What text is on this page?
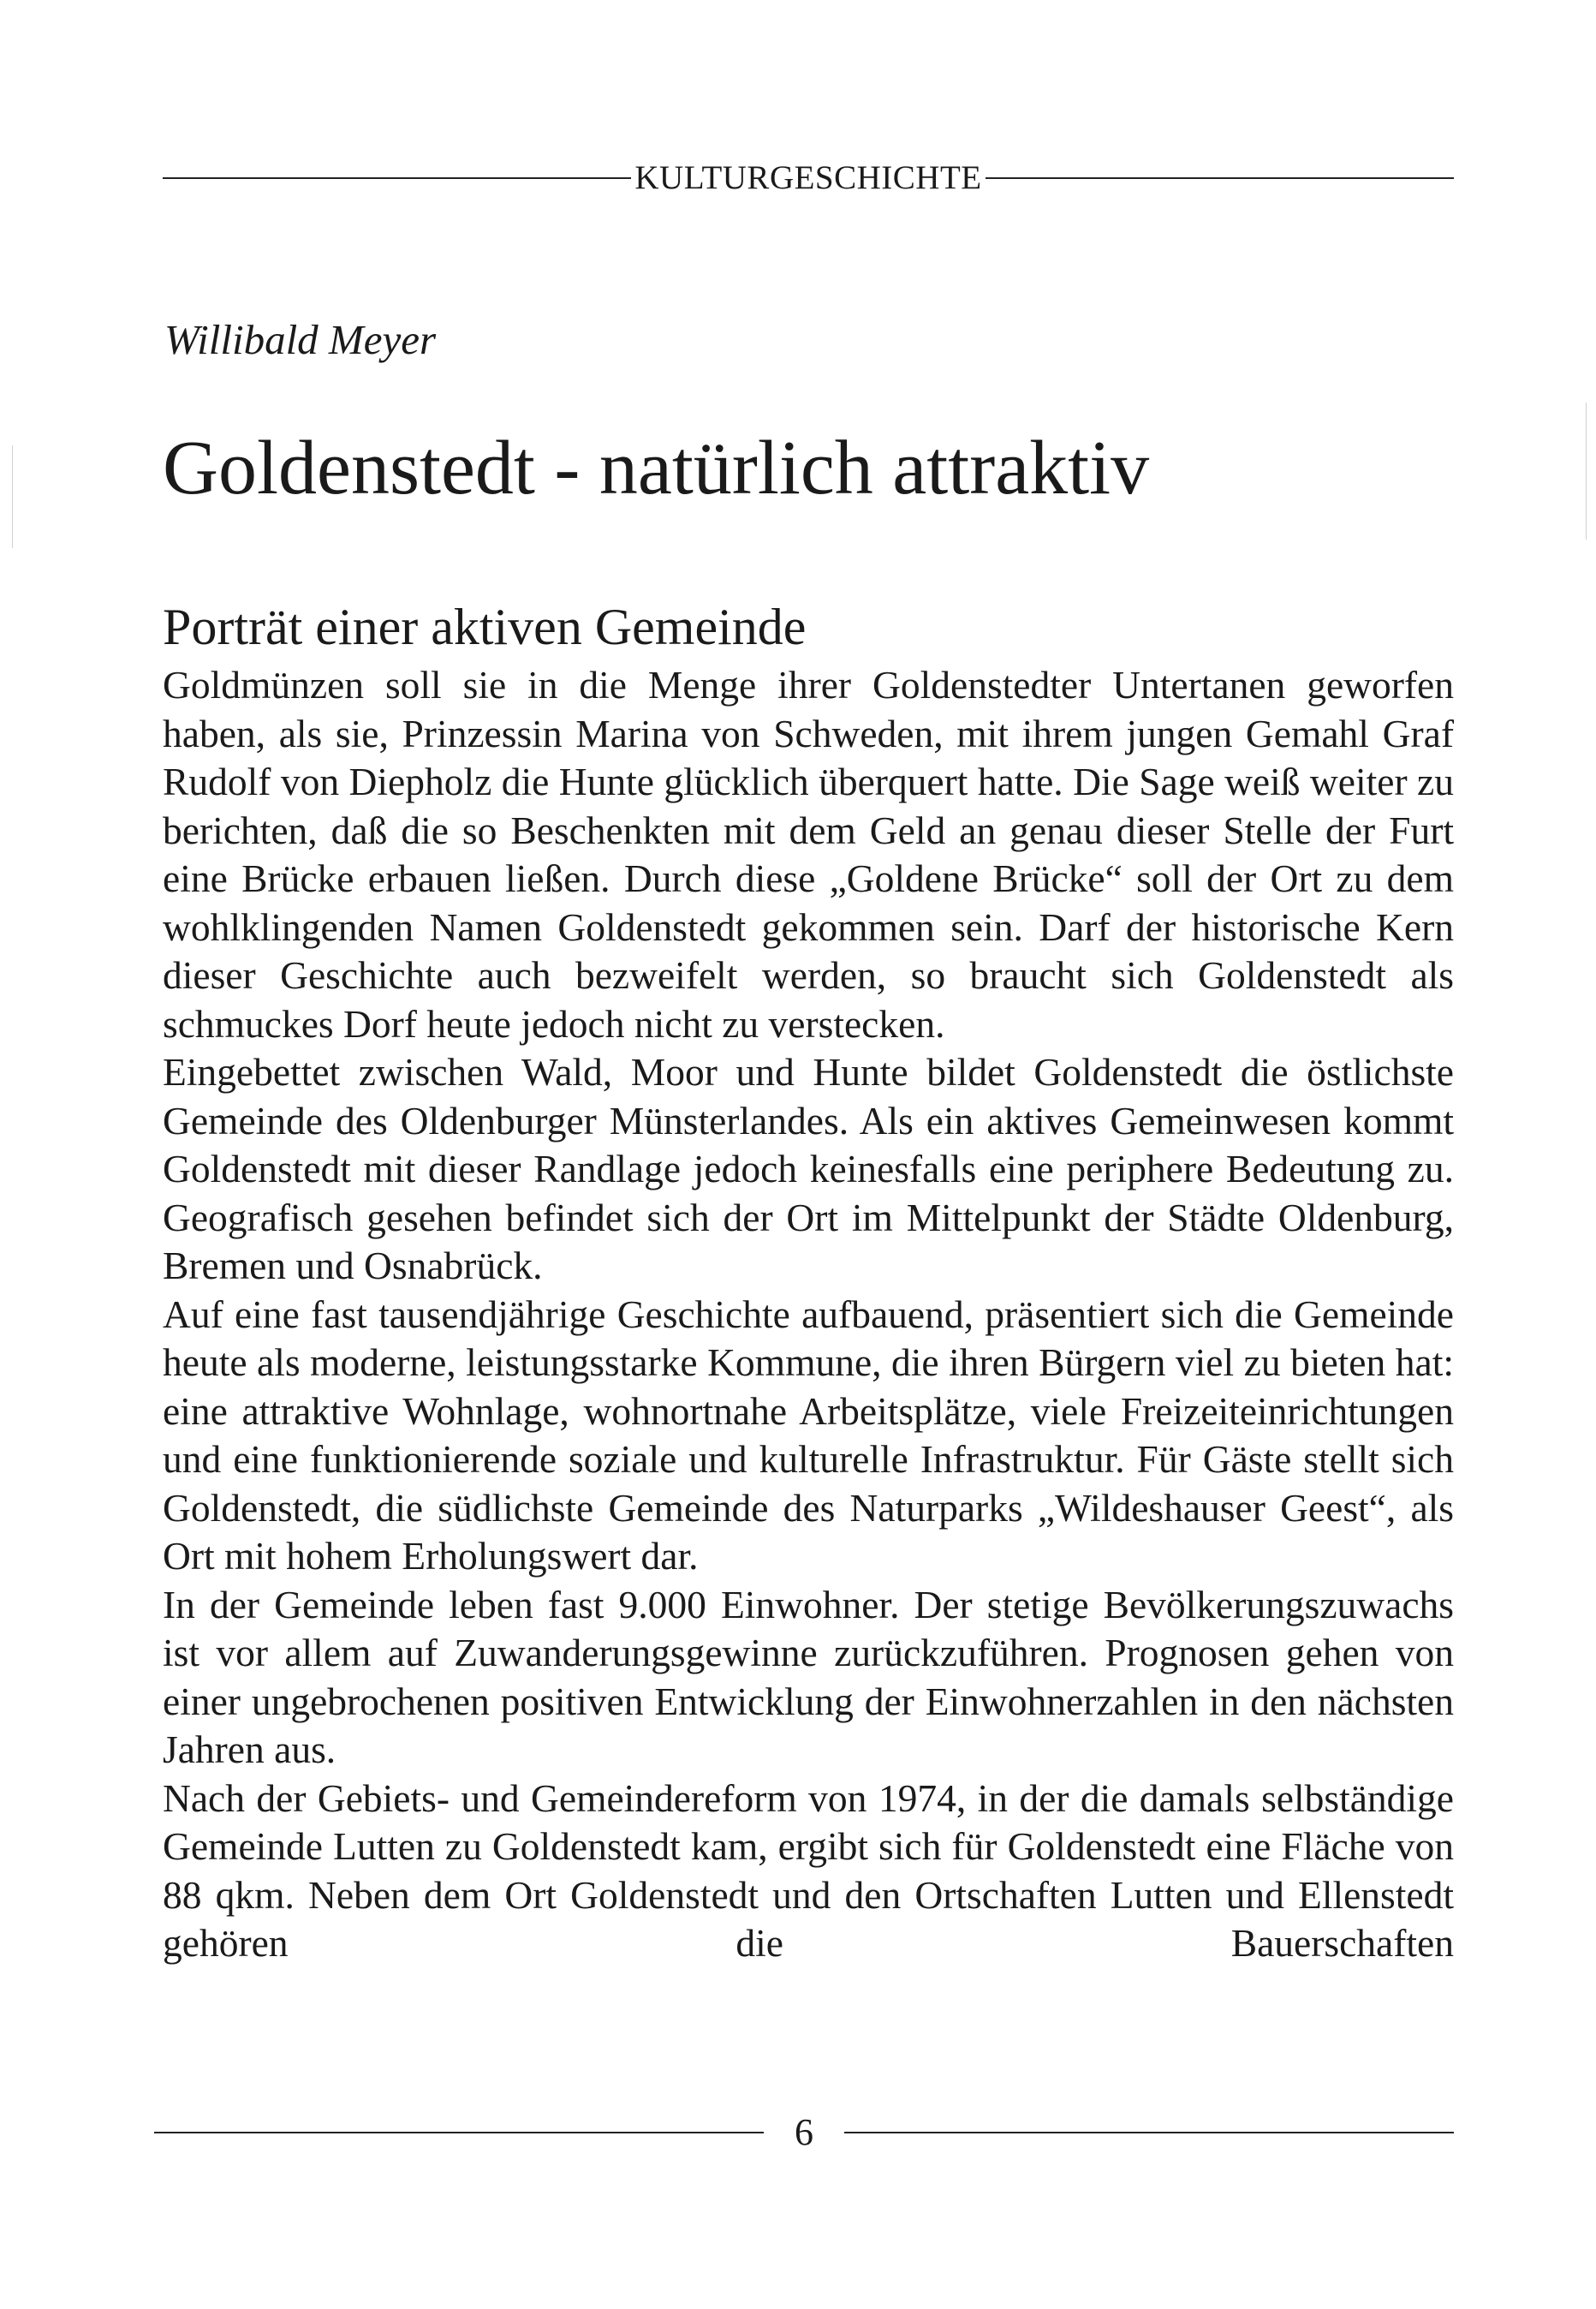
KULTURGESCHICHTE
Willibald Meyer
Goldenstedt - natürlich attraktiv
Porträt einer aktiven Gemeinde

Goldmünzen soll sie in die Menge ihrer Goldenstedter Untertanen geworfen haben, als sie, Prinzessin Marina von Schweden, mit ihrem jungen Gemahl Graf Rudolf von Diepholz die Hunte glücklich überquert hatte. Die Sage weiß weiter zu berichten, daß die so Beschenkten mit dem Geld an genau dieser Stelle der Furt eine Brücke erbauen ließen. Durch diese „Goldene Brücke“ soll der Ort zu dem wohlklingenden Namen Goldenstedt gekommen sein. Darf der historische Kern dieser Geschichte auch bezweifelt werden, so braucht sich Goldenstedt als schmuckes Dorf heute jedoch nicht zu verstecken.

Eingebettet zwischen Wald, Moor und Hunte bildet Goldenstedt die östlichste Gemeinde des Oldenburger Münsterlandes. Als ein aktives Gemeinwesen kommt Goldenstedt mit dieser Randlage jedoch keinesfalls eine periphere Bedeutung zu. Geografisch gesehen befindet sich der Ort im Mittelpunkt der Städte Oldenburg, Bremen und Osnabrück.

Auf eine fast tausendjährige Geschichte aufbauend, präsentiert sich die Gemeinde heute als moderne, leistungsstarke Kommune, die ihren Bürgern viel zu bieten hat: eine attraktive Wohnlage, wohnortnahe Arbeitsplätze, viele Freizeiteinrichtungen und eine funktionierende soziale und kulturelle Infrastruktur. Für Gäste stellt sich Goldenstedt, die südlichste Gemeinde des Naturparks „Wildeshauser Geest“, als Ort mit hohem Erholungswert dar.

In der Gemeinde leben fast 9.000 Einwohner. Der stetige Bevölkerungszuwachs ist vor allem auf Zuwanderungsgewinne zurückzuführen. Prognosen gehen von einer ungebrochenen positiven Entwicklung der Einwohnerzahlen in den nächsten Jahren aus.

Nach der Gebiets- und Gemeindereform von 1974, in der die damals selbständige Gemeinde Lutten zu Goldenstedt kam, ergibt sich für Goldenstedt eine Fläche von 88 qkm. Neben dem Ort Goldenstedt und den Ortschaften Lutten und Ellenstedt gehören die Bauerschaften

6
